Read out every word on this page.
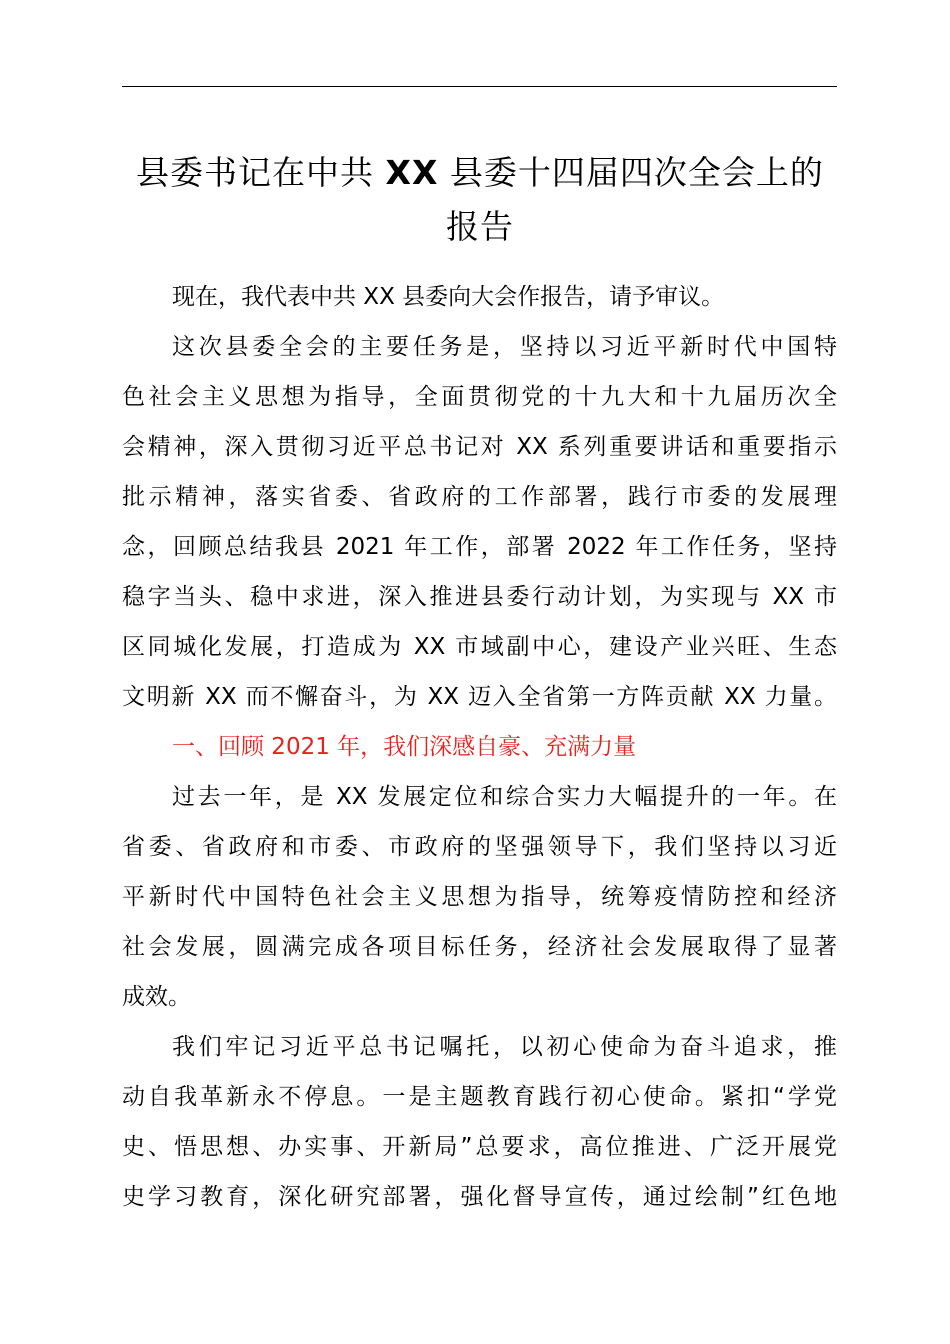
县委书记在中共 XX 县委十四届四次全会上的
报告
现在，我代表中共 XX 县委向大会作报告，请予审议。
这次县委全会的主要任务是，坚持以习近平新时代中国特
色社会主义思想为指导，全面贯彻党的十九大和十九届历次全
会精神，深入贯彻习近平总书记对 XX 系列重要讲话和重要指示
批示精神，落实省委、省政府的工作部署，践行市委的发展理
念，回顾总结我县 2021 年工作，部署 2022 年工作任务，坚持
稳字当头、稳中求进，深入推进县委行动计划，为实现与 XX 市
区同城化发展，打造成为 XX 市域副中心，建设产业兴旺、生态
文明新 XX 而不懈奋斗，为 XX 迈入全省第一方阵贡献 XX 力量。
一、回顾 2021 年，我们深感自豪、充满力量
过去一年，是 XX 发展定位和综合实力大幅提升的一年。在
省委、省政府和市委、市政府的坚强领导下，我们坚持以习近
平新时代中国特色社会主义思想为指导，统筹疫情防控和经济
社会发展，圆满完成各项目标任务，经济社会发展取得了显著
成效。
我们牢记习近平总书记嘱托，以初心使命为奋斗追求，推
动自我革新永不停息。一是主题教育践行初心使命。紧扣“学党
史、悟思想、办实事、开新局”总要求，高位推进、广泛开展党
史学习教育，深化研究部署，强化督导宣传，通过绘制”红色地
